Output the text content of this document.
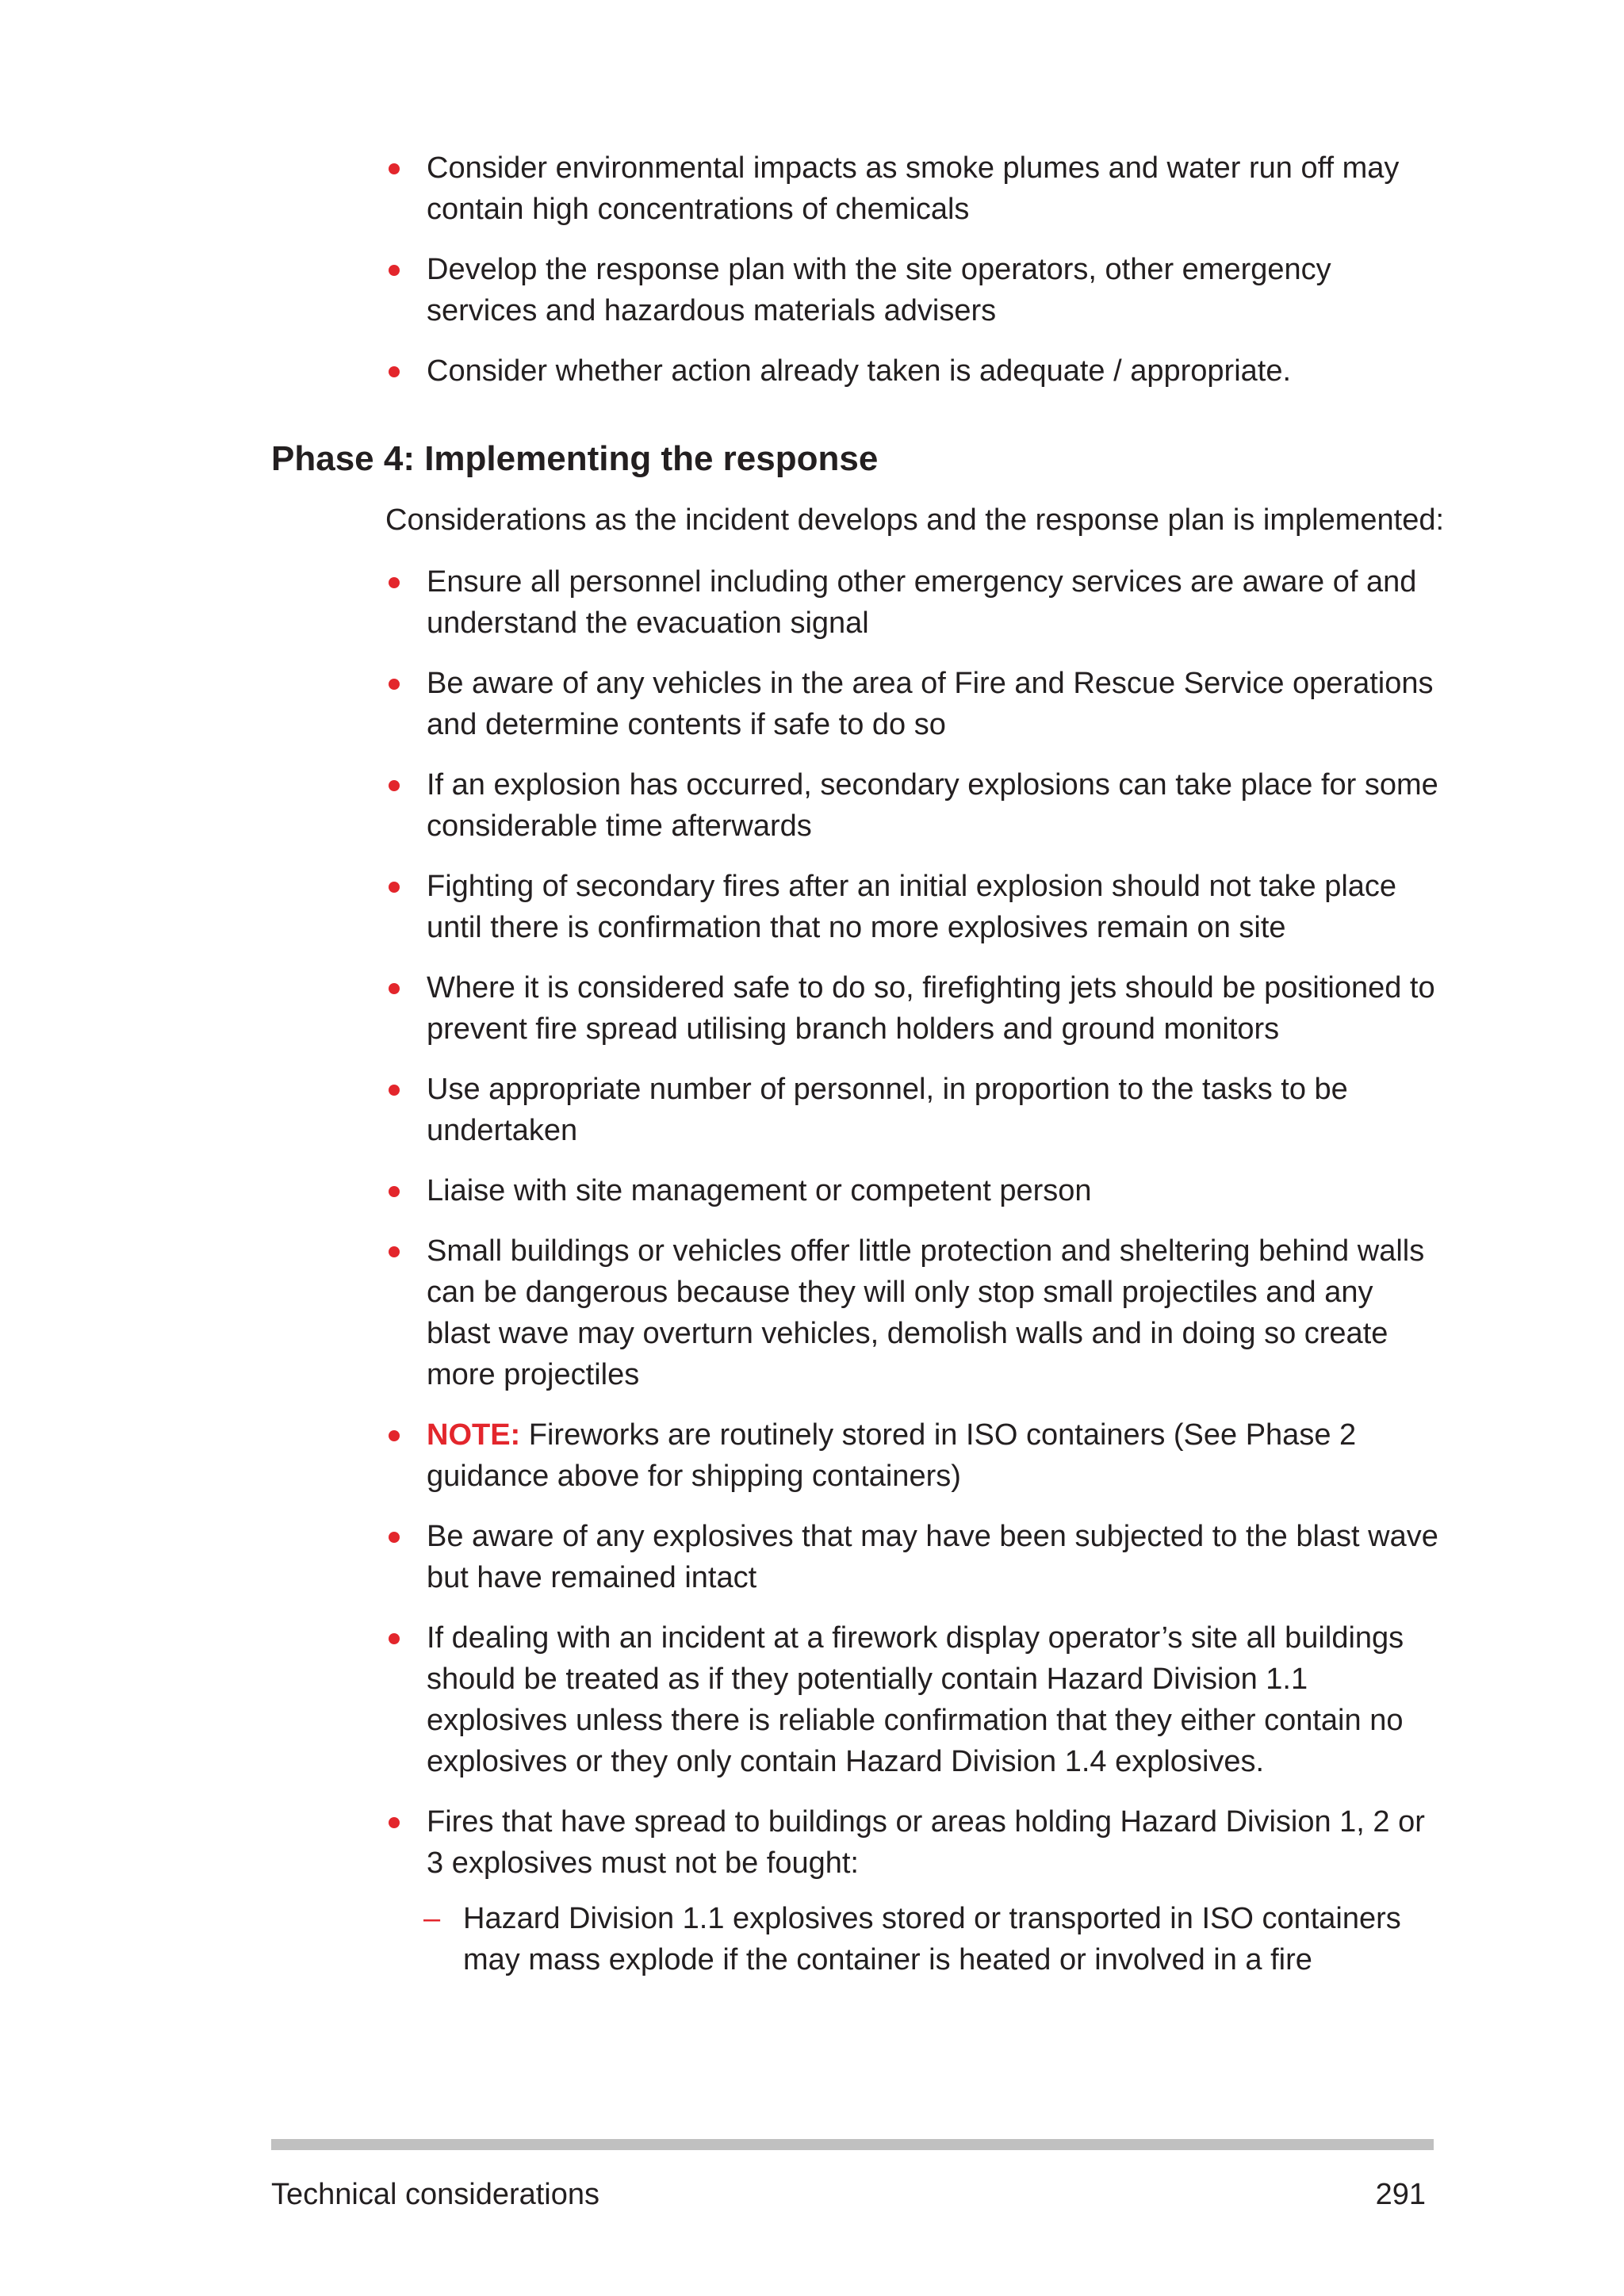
Consider environmental impacts as smoke plumes and water run off may contain high concentrations of chemicals
Develop the response plan with the site operators, other emergency services and hazardous materials advisers
Consider whether action already taken is adequate / appropriate.
Phase 4: Implementing the response

Considerations as the incident develops and the response plan is implemented:

Ensure all personnel including other emergency services are aware of and understand the evacuation signal
Be aware of any vehicles in the area of Fire and Rescue Service operations and determine contents if safe to do so
If an explosion has occurred, secondary explosions can take place for some considerable time afterwards
Fighting of secondary fires after an initial explosion should not take place until there is confirmation that no more explosives remain on site
Where it is considered safe to do so, firefighting jets should be positioned to prevent fire spread utilising branch holders and ground monitors
Use appropriate number of personnel, in proportion to the tasks to be undertaken
Liaise with site management or competent person
Small buildings or vehicles offer little protection and sheltering behind walls can be dangerous because they will only stop small projectiles and any blast wave may overturn vehicles, demolish walls and in doing so create more projectiles
NOTE: Fireworks are routinely stored in ISO containers (See Phase 2 guidance above for shipping containers)
Be aware of any explosives that may have been subjected to the blast wave but have remained intact
If dealing with an incident at a firework display operator’s site all buildings should be treated as if they potentially contain Hazard Division 1.1 explosives unless there is reliable confirmation that they either contain no explosives or they only contain Hazard Division 1.4 explosives.
Fires that have spread to buildings or areas holding Hazard Division 1, 2 or 3 explosives must not be fought:
– Hazard Division 1.1 explosives stored or transported in ISO containers may mass explode if the container is heated or involved in a fire
Technical considerations	291
